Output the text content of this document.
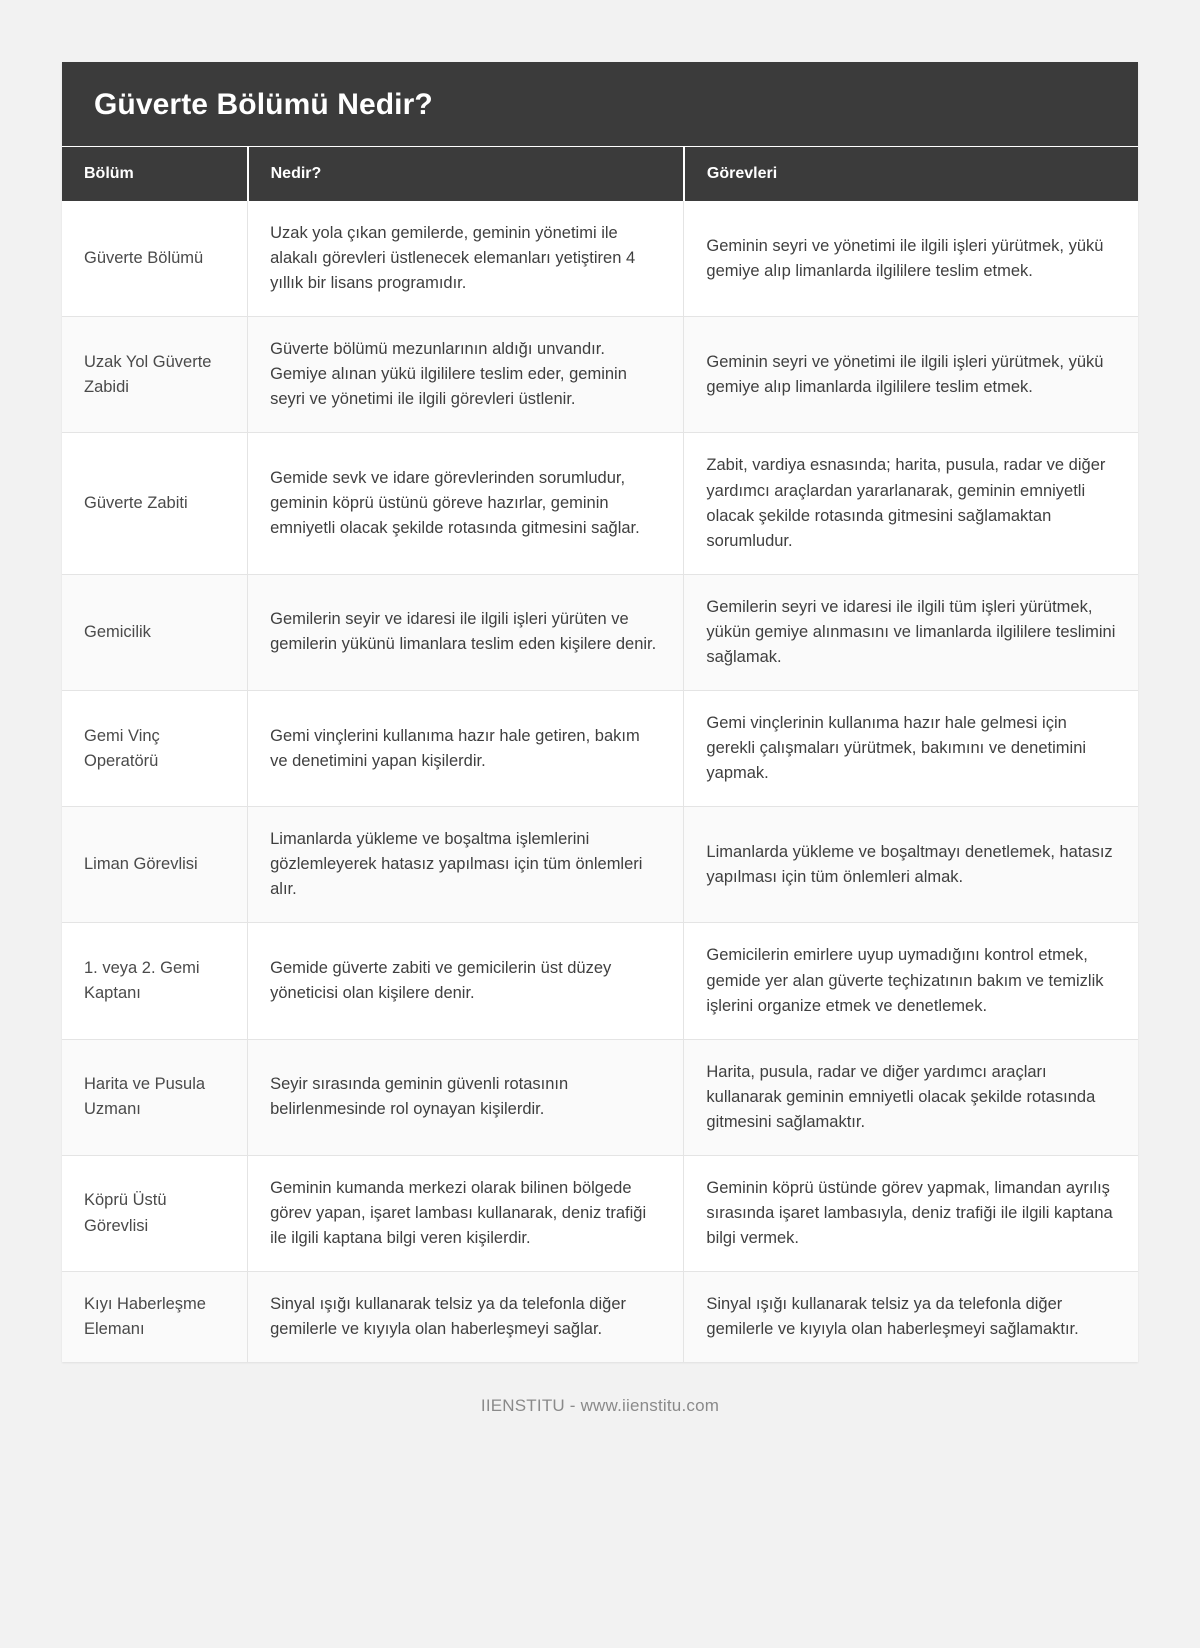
Güverte Bölümü Nedir?
Bölüm	Nedir?	Görevleri
Güverte Bölümü	Uzak yola çıkan gemilerde, geminin yönetimi ile alakalı görevleri üstlenecek elemanları yetiştiren 4 yıllık bir lisans programıdır.	Geminin seyri ve yönetimi ile ilgili işleri yürütmek, yükü gemiye alıp limanlarda ilgililere teslim etmek.
Uzak Yol Güverte Zabidi	Güverte bölümü mezunlarının aldığı unvandır. Gemiye alınan yükü ilgililere teslim eder, geminin seyri ve yönetimi ile ilgili görevleri üstlenir.	Geminin seyri ve yönetimi ile ilgili işleri yürütmek, yükü gemiye alıp limanlarda ilgililere teslim etmek.
Güverte Zabiti	Gemide sevk ve idare görevlerinden sorumludur, geminin köprü üstünü göreve hazırlar, geminin emniyetli olacak şekilde rotasında gitmesini sağlar.	Zabit, vardiya esnasında; harita, pusula, radar ve diğer yardımcı araçlardan yararlanarak, geminin emniyetli olacak şekilde rotasında gitmesini sağlamaktan sorumludur.
Gemicilik	Gemilerin seyir ve idaresi ile ilgili işleri yürüten ve gemilerin yükünü limanlara teslim eden kişilere denir.	Gemilerin seyri ve idaresi ile ilgili tüm işleri yürütmek, yükün gemiye alınmasını ve limanlarda ilgililere teslimini sağlamak.
Gemi Vinç Operatörü	Gemi vinçlerini kullanıma hazır hale getiren, bakım ve denetimini yapan kişilerdir.	Gemi vinçlerinin kullanıma hazır hale gelmesi için gerekli çalışmaları yürütmek, bakımını ve denetimini yapmak.
Liman Görevlisi	Limanlarda yükleme ve boşaltma işlemlerini gözlemleyerek hatasız yapılması için tüm önlemleri alır.	Limanlarda yükleme ve boşaltmayı denetlemek, hatasız yapılması için tüm önlemleri almak.
1. veya 2. Gemi Kaptanı	Gemide güverte zabiti ve gemicilerin üst düzey yöneticisi olan kişilere denir.	Gemicilerin emirlere uyup uymadığını kontrol etmek, gemide yer alan güverte teçhizatının bakım ve temizlik işlerini organize etmek ve denetlemek.
Harita ve Pusula Uzmanı	Seyir sırasında geminin güvenli rotasının belirlenmesinde rol oynayan kişilerdir.	Harita, pusula, radar ve diğer yardımcı araçları kullanarak geminin emniyetli olacak şekilde rotasında gitmesini sağlamaktır.
Köprü Üstü Görevlisi	Geminin kumanda merkezi olarak bilinen bölgede görev yapan, işaret lambası kullanarak, deniz trafiği ile ilgili kaptana bilgi veren kişilerdir.	Geminin köprü üstünde görev yapmak, limandan ayrılış sırasında işaret lambasıyla, deniz trafiği ile ilgili kaptana bilgi vermek.
Kıyı Haberleşme Elemanı	Sinyal ışığı kullanarak telsiz ya da telefonla diğer gemilerle ve kıyıyla olan haberleşmeyi sağlar.	Sinyal ışığı kullanarak telsiz ya da telefonla diğer gemilerle ve kıyıyla olan haberleşmeyi sağlamaktır.
IIENSTITU - www.iienstitu.com
